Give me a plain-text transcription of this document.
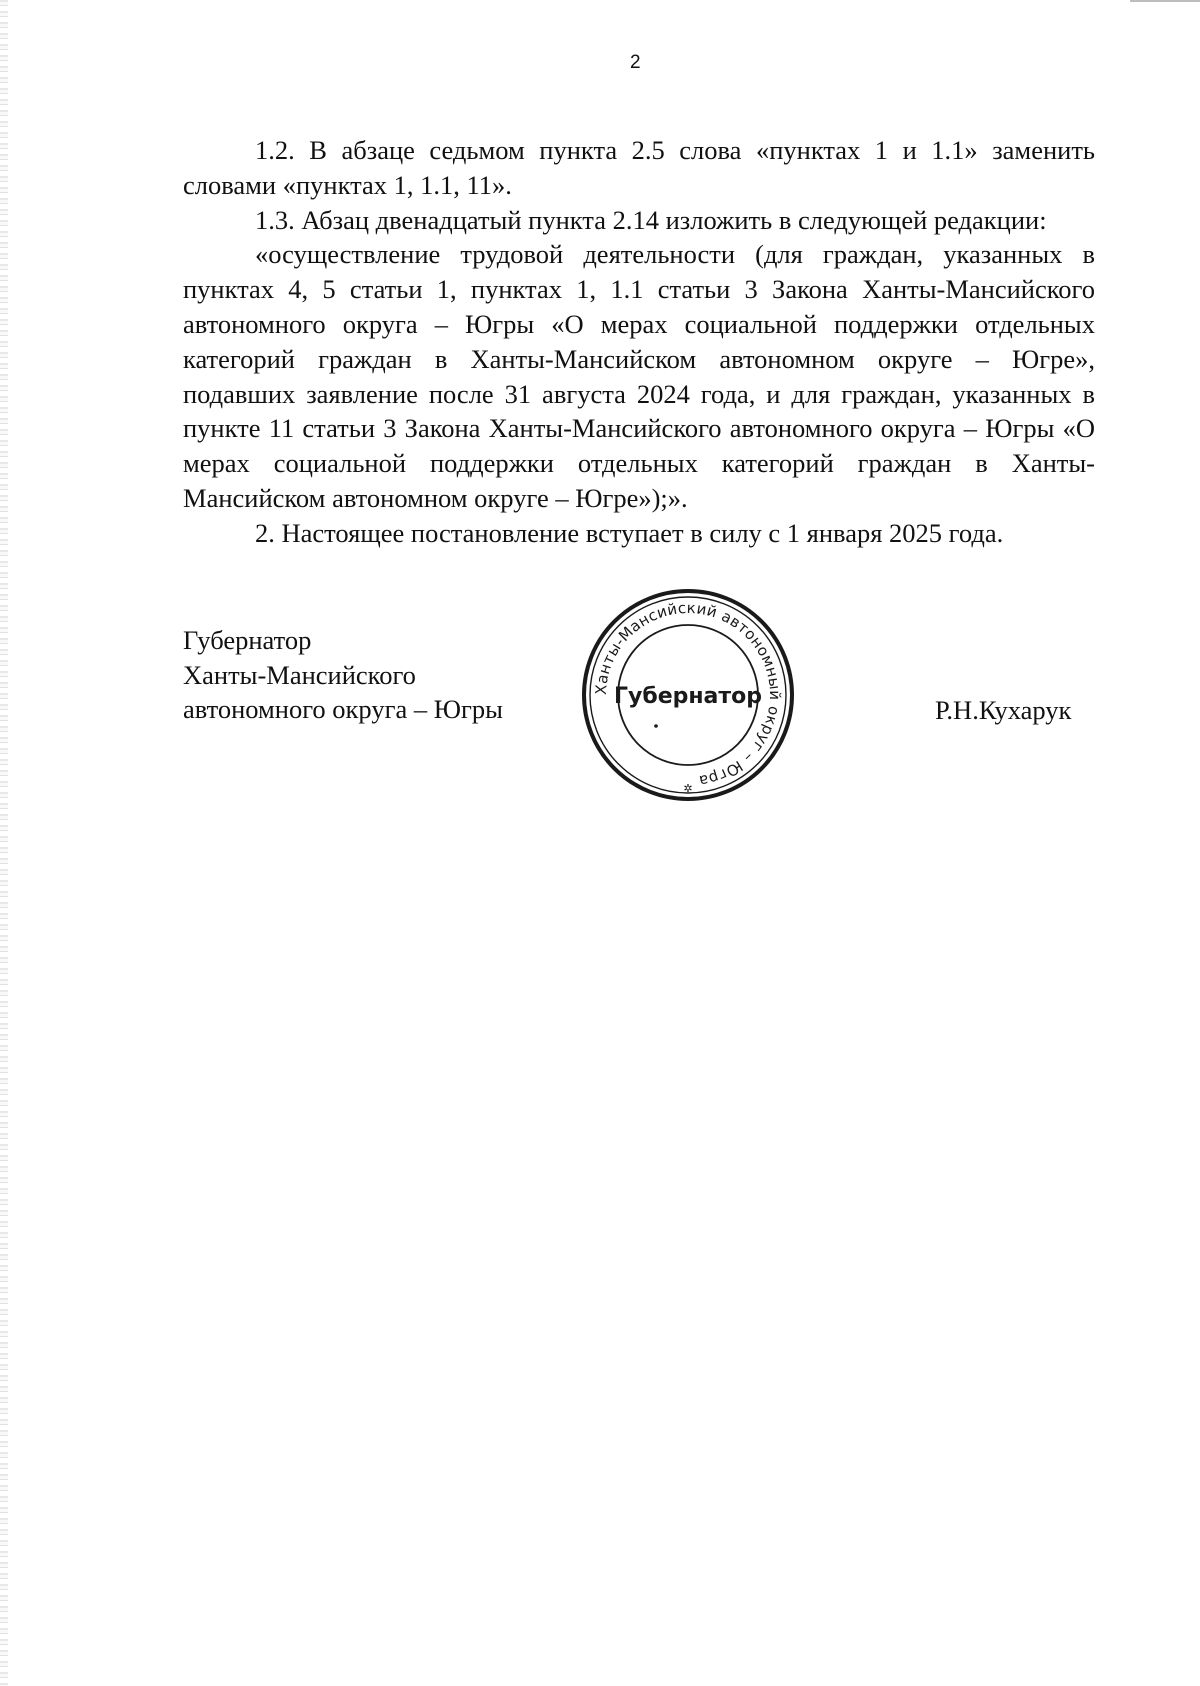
2

1.2. В абзаце седьмом пункта 2.5 слова «пунктах 1 и 1.1» заменить словами «пунктах 1, 1.1, 11».

1.3. Абзац двенадцатый пункта 2.14 изложить в следующей редакции:

«осуществление трудовой деятельности (для граждан, указанных в пунктах 4, 5 статьи 1, пунктах 1, 1.1 статьи 3 Закона Ханты-Мансийского автономного округа – Югры «О мерах социальной поддержки отдельных категорий граждан в Ханты-Мансийском автономном округе – Югре», подавших заявление после 31 августа 2024 года, и для граждан, указанных в пункте 11 статьи 3 Закона Ханты-Мансийского автономного округа – Югры «О мерах социальной поддержки отдельных категорий граждан в Ханты-Мансийском автономном округе – Югре»);».

2. Настоящее постановление вступает в силу с 1 января 2025 года.

Губернатор
Ханты-Мансийского
автономного округа – Югры
Ханты-Мансийский автономный округ – Югра
Губернатор
✲
Р.Н.Кухарук
